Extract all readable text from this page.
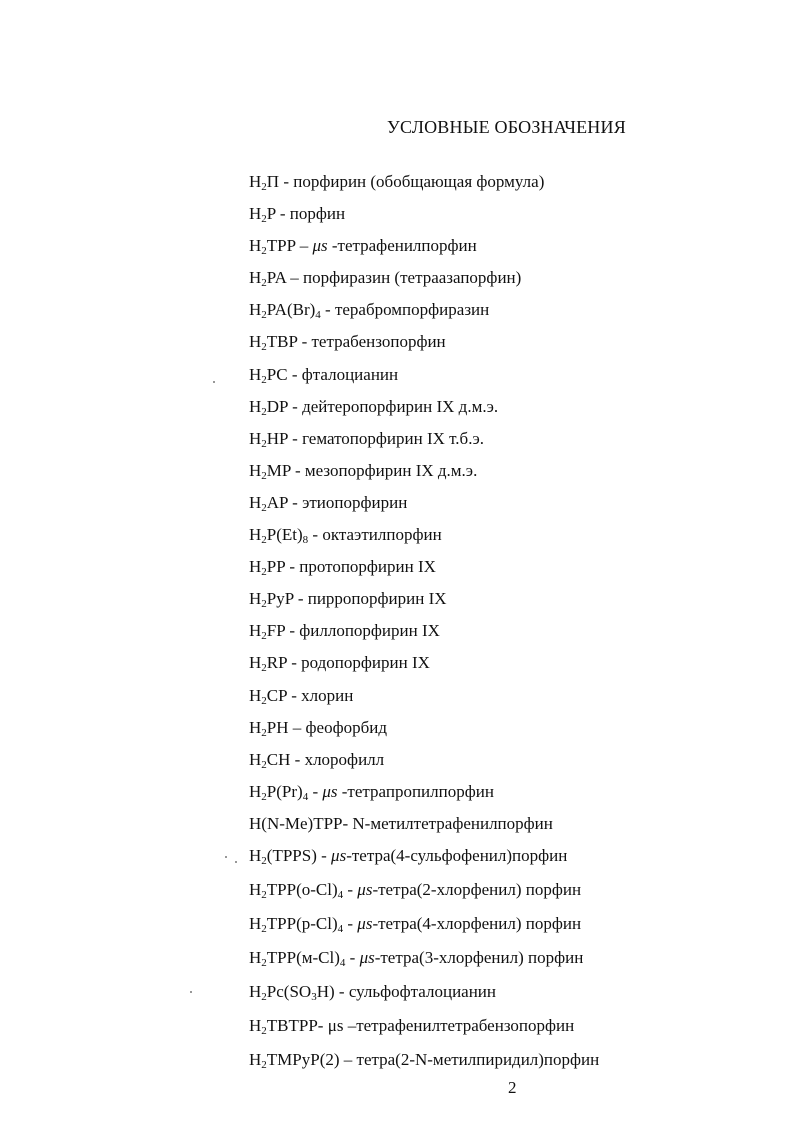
УСЛОВНЫЕ ОБОЗНАЧЕНИЯ
$H_2П$ - порфирин (обобщающая формула)
$H_2P$ - порфин
$H_2TPP$ – μs -тетрафенилпорфин
$H_2PA$ – порфиразин (тетраазапорфин)
$H_2PA(Br)_4$ - терабромпорфиразин
$H_2TBP$ - тетрабензопорфин
$H_2PC$ - фталоцианин
$H_2DP$ - дейтеропорфирин IX д.м.э.
$H_2HP$ - гематопорфирин IX т.б.э.
$H_2MP$ - мезопорфирин IX д.м.э.
$H_2AP$ - этиопорфирин
$H_2P(Et)_8$ - октаэтилпорфин
$H_2PP$ - протопорфирин IX
$H_2PyP$ - пирропорфирин IX
$H_2FP$ - филлопорфирин IX
$H_2RP$ - родопорфирин IX
$H_2CP$ - хлорин
$H_2PH$ – феофорбид
$H_2CH$ - хлорофилл
$H_2P(Pr)_4$ - μs -тетрапропилпорфин
H(N-Me)TPP- N-метилтетрафенилпорфин
$H_2(TPPS)$ - μs-тетра(4-сульфофенил)порфин
$H_2TPP(o-Cl)_4$ - μs-тетра(2-хлорфенил) порфин
$H_2TPP(p-Cl)_4$ - μs-тетра(4-хлорфенил) порфин
$H_2TPP(м-Cl)_4$ - μs-тетра(3-хлорфенил) порфин
$H_2Pc(SO_3H)$ - сульфофталоцианин
$H_2TBTPP-$ μs –тетрафенилтетрабензопорфин
$H_2TMPyP(2)$ – тетра(2-N-метилпиридил)порфин
2
